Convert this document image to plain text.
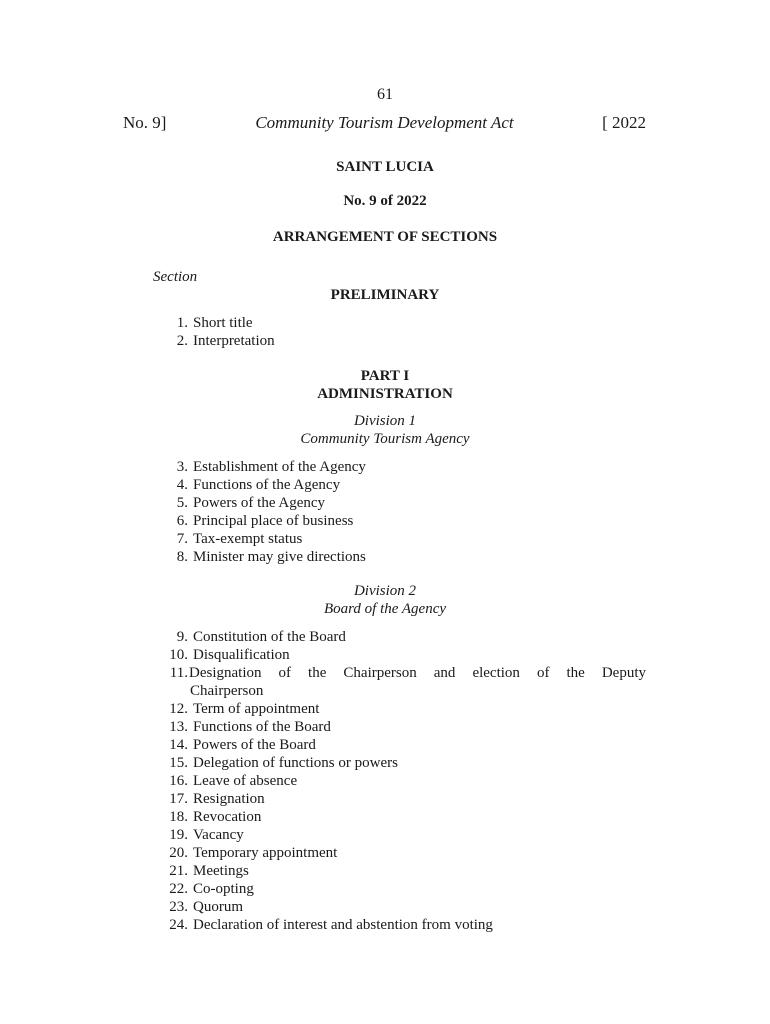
61
No. 9]	Community Tourism Development Act	[ 2022
SAINT LUCIA
No. 9 of 2022
ARRANGEMENT OF SECTIONS
Section
PRELIMINARY
1. Short title
2. Interpretation
PART I
ADMINISTRATION
Division 1
Community Tourism Agency
3. Establishment of the Agency
4. Functions of the Agency
5. Powers of the Agency
6. Principal place of business
7. Tax-exempt status
8. Minister may give directions
Division 2
Board of the Agency
9. Constitution of the Board
10. Disqualification
11. Designation of the Chairperson and election of the Deputy
Chairperson
12. Term of appointment
13. Functions of the Board
14. Powers of the Board
15. Delegation of functions or powers
16. Leave of absence
17. Resignation
18. Revocation
19. Vacancy
20. Temporary appointment
21. Meetings
22. Co-opting
23. Quorum
24. Declaration of interest and abstention from voting
